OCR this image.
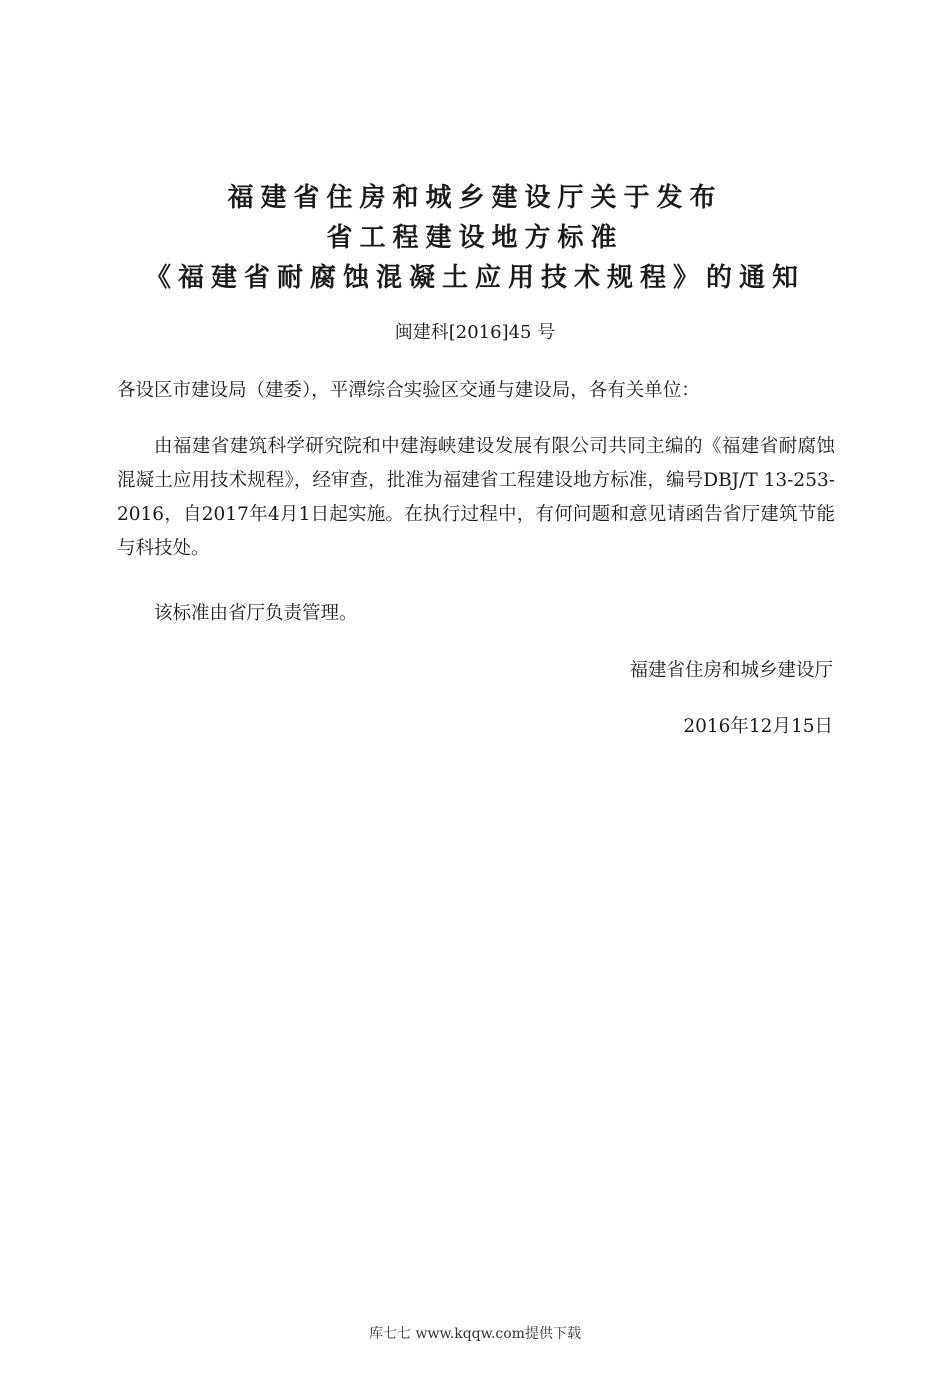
福建省住房和城乡建设厅关于发布

省工程建设地方标准

《福建省耐腐蚀混凝土应用技术规程》的通知

闽建科[2016]45 号
各设区市建设局（建委），平潭综合实验区交通与建设局，各有关单位：
由福建省建筑科学研究院和中建海峡建设发展有限公司共同主编的《福建省耐腐蚀混凝土应用技术规程》，经审查，批准为福建省工程建设地方标准，编号DBJ/T 13-253-2016，自2017年4月1日起实施。在执行过程中，有何问题和意见请函告省厅建筑节能与科技处。
该标准由省厅负责管理。
福建省住房和城乡建设厅
2016年12月15日
库七七 www.kqqw.com提供下载
